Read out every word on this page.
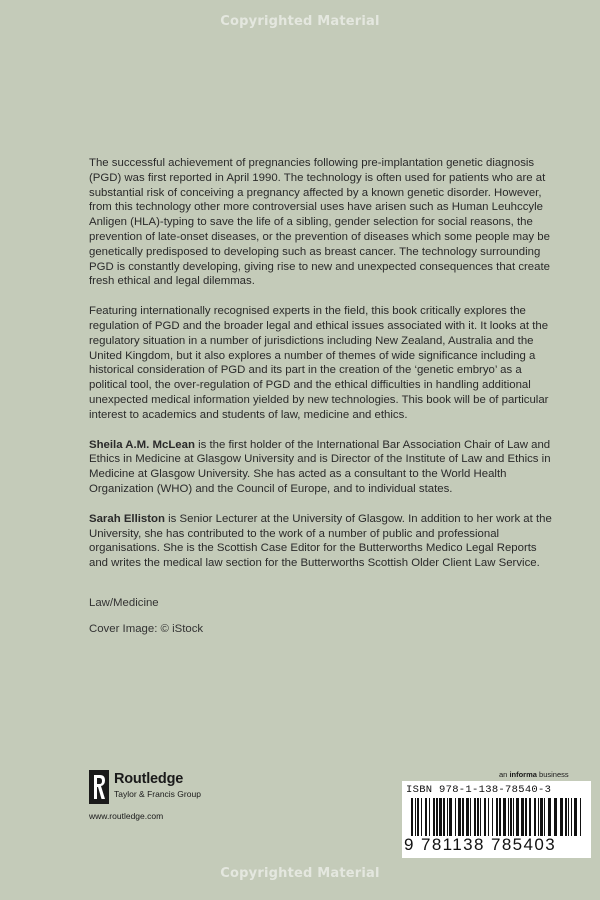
Copyrighted Material

The successful achievement of pregnancies following pre-implantation genetic diagnosis (PGD) was first reported in April 1990. The technology is often used for patients who are at substantial risk of conceiving a pregnancy affected by a known genetic disorder. However, from this technology other more controversial uses have arisen such as Human Leuhccyle Anligen (HLA)-typing to save the life of a sibling, gender selection for social reasons, the prevention of late-onset diseases, or the prevention of diseases which some people may be genetically predisposed to developing such as breast cancer. The technology surrounding PGD is constantly developing, giving rise to new and unexpected consequences that create fresh ethical and legal dilemmas.

Featuring internationally recognised experts in the field, this book critically explores the regulation of PGD and the broader legal and ethical issues associated with it. It looks at the regulatory situation in a number of jurisdictions including New Zealand, Australia and the United Kingdom, but it also explores a number of themes of wide significance including a historical consideration of PGD and its part in the creation of the ‘genetic embryo’ as a political tool, the over-regulation of PGD and the ethical difficulties in handling additional unexpected medical information yielded by new technologies. This book will be of particular interest to academics and students of law, medicine and ethics.

Sheila A.M. McLean is the first holder of the International Bar Association Chair of Law and Ethics in Medicine at Glasgow University and is Director of the Institute of Law and Ethics in Medicine at Glasgow University. She has acted as a consultant to the World Health Organization (WHO) and the Council of Europe, and to individual states.

Sarah Elliston is Senior Lecturer at the University of Glasgow. In addition to her work at the University, she has contributed to the work of a number of public and professional organisations. She is the Scottish Case Editor for the Butterworths Medico Legal Reports and writes the medical law section for the Butterworths Scottish Older Client Law Service.

Law/Medicine
Cover Image: © iStock
Routledge
Taylor & Francis Group
www.routledge.com
an informa business
ISBN 978-1-138-78540-3
9 781138 785403
Copyrighted Material
